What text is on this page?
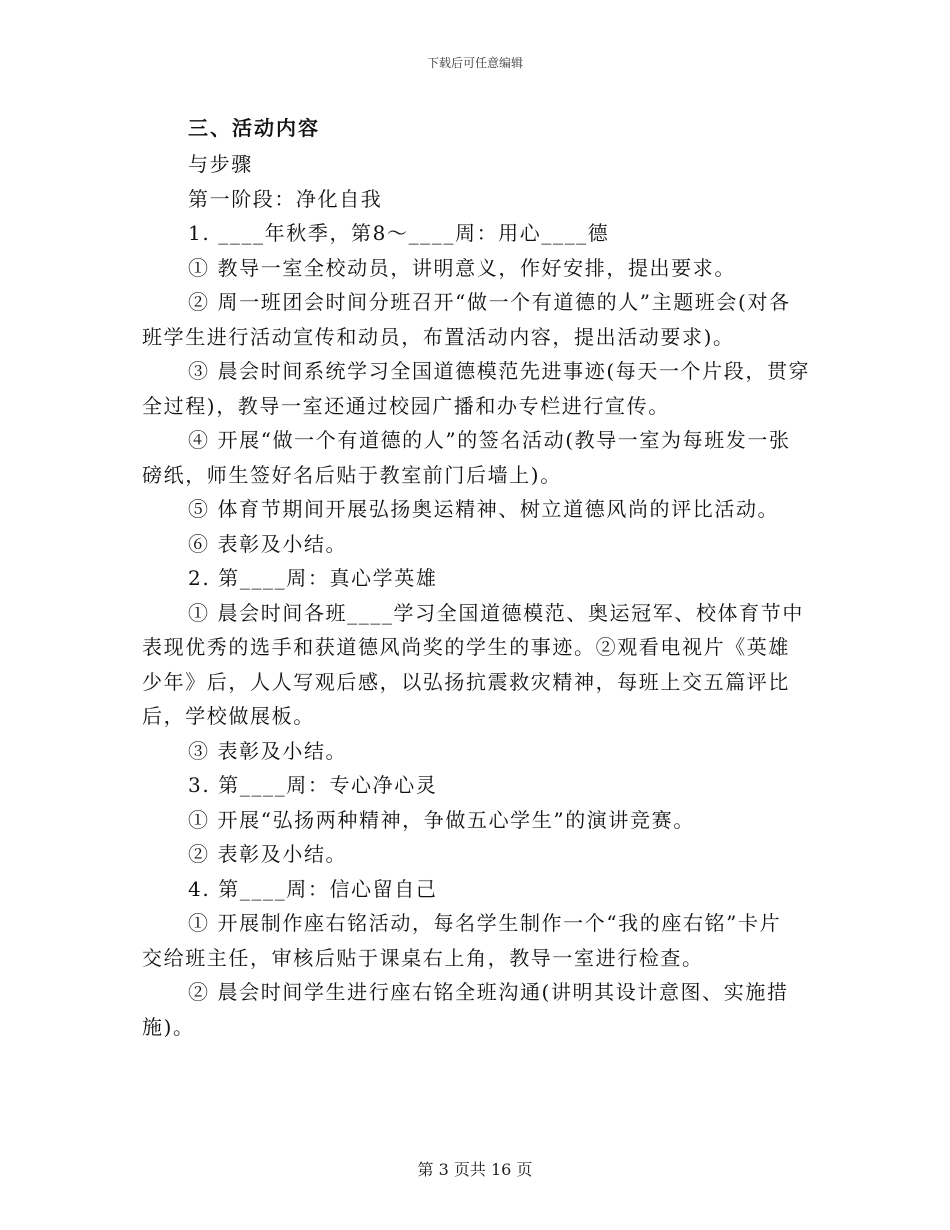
下载后可任意编辑
三、活动内容
与步骤
第一阶段：净化自我
1. ____年秋季，第8～____周：用心____德
① 教导一室全校动员，讲明意义，作好安排，提出要求。
② 周一班团会时间分班召开“做一个有道德的人”主题班会(对各
班学生进行活动宣传和动员，布置活动内容，提出活动要求)。
③ 晨会时间系统学习全国道德模范先进事迹(每天一个片段，贯穿
全过程)，教导一室还通过校园广播和办专栏进行宣传。
④ 开展“做一个有道德的人”的签名活动(教导一室为每班发一张
磅纸，师生签好名后贴于教室前门后墙上)。
⑤ 体育节期间开展弘扬奥运精神、树立道德风尚的评比活动。
⑥ 表彰及小结。
2. 第____周：真心学英雄
① 晨会时间各班____学习全国道德模范、奥运冠军、校体育节中
表现优秀的选手和获道德风尚奖的学生的事迹。②观看电视片《英雄
少年》后，人人写观后感，以弘扬抗震救灾精神，每班上交五篇评比
后，学校做展板。
③ 表彰及小结。
3. 第____周：专心净心灵
① 开展“弘扬两种精神，争做五心学生”的演讲竞赛。
② 表彰及小结。
4. 第____周：信心留自己
① 开展制作座右铭活动，每名学生制作一个“我的座右铭”卡片
交给班主任，审核后贴于课桌右上角，教导一室进行检查。
② 晨会时间学生进行座右铭全班沟通(讲明其设计意图、实施措
施)。
第 3 页共 16 页
